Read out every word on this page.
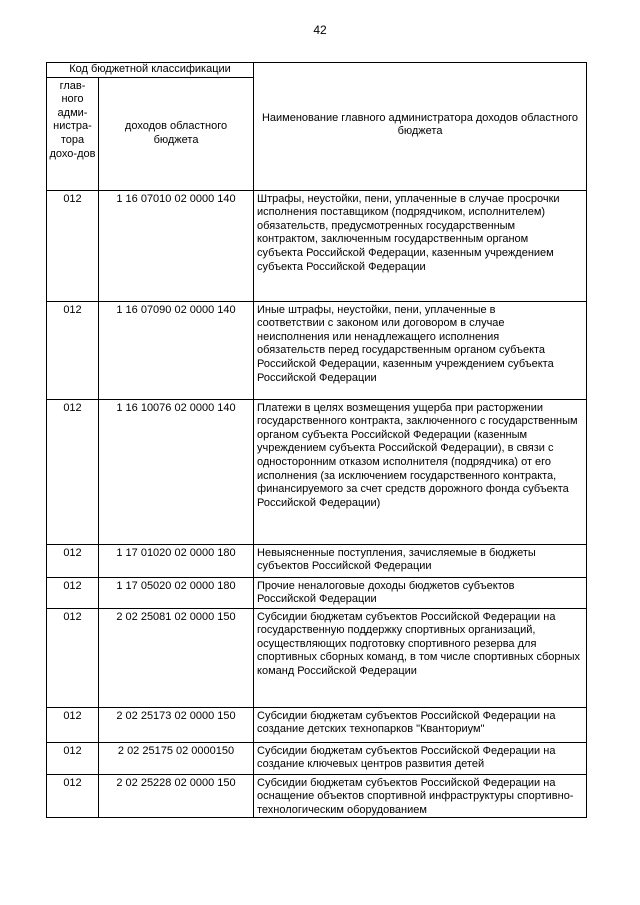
42
Код бюджетной классификации		
глав-ного адми-нистра-тора дохо-дов	доходов областного бюджета	Наименование главного администратора доходов областного бюджета
012	1 16 07010 02 0000 140	Штрафы, неустойки, пени, уплаченные в случае просрочки исполнения поставщиком (подрядчиком, исполнителем) обязательств, предусмотренных государственным контрактом, заключенным государственным органом субъекта Российской Федерации, казенным учреждением субъекта Российской Федерации

012	1 16 07090 02 0000 140	Иные штрафы, неустойки, пени, уплаченные в соответствии с законом или договором в случае неисполнения или ненадлежащего исполнения обязательств перед государственным органом субъекта Российской Федерации, казенным учреждением субъекта Российской Федерации

012	1 16 10076 02 0000 140	Платежи в целях возмещения ущерба при расторжении государственного контракта, заключенного с государственным органом субъекта Российской Федерации (казенным учреждением субъекта Российской Федерации), в связи с односторонним отказом исполнителя (подрядчика) от его исполнения (за исключением государственного контракта, финансируемого за счет средств дорожного фонда субъекта Российской Федерации)

012	1 17 01020 02 0000 180	Невыясненные поступления, зачисляемые в бюджеты субъектов Российской Федерации

012	1 17 05020 02 0000 180	Прочие неналоговые доходы бюджетов субъектов Российской Федерации

012	2 02 25081 02 0000 150	Субсидии бюджетам субъектов Российской Федерации на государственную поддержку спортивных организаций, осуществляющих подготовку спортивного резерва для спортивных сборных команд, в том числе спортивных сборных команд Российской Федерации

012	2 02 25173 02 0000 150	Субсидии бюджетам субъектов Российской Федерации на создание детских технопарков "Кванториум"

012	2 02 25175 02 0000150	Субсидии бюджетам субъектов Российской Федерации на создание ключевых центров развития детей

012	2 02 25228 02 0000 150	Субсидии бюджетам субъектов Российской Федерации на оснащение объектов спортивной инфраструктуры спортивно-технологическим оборудованием
